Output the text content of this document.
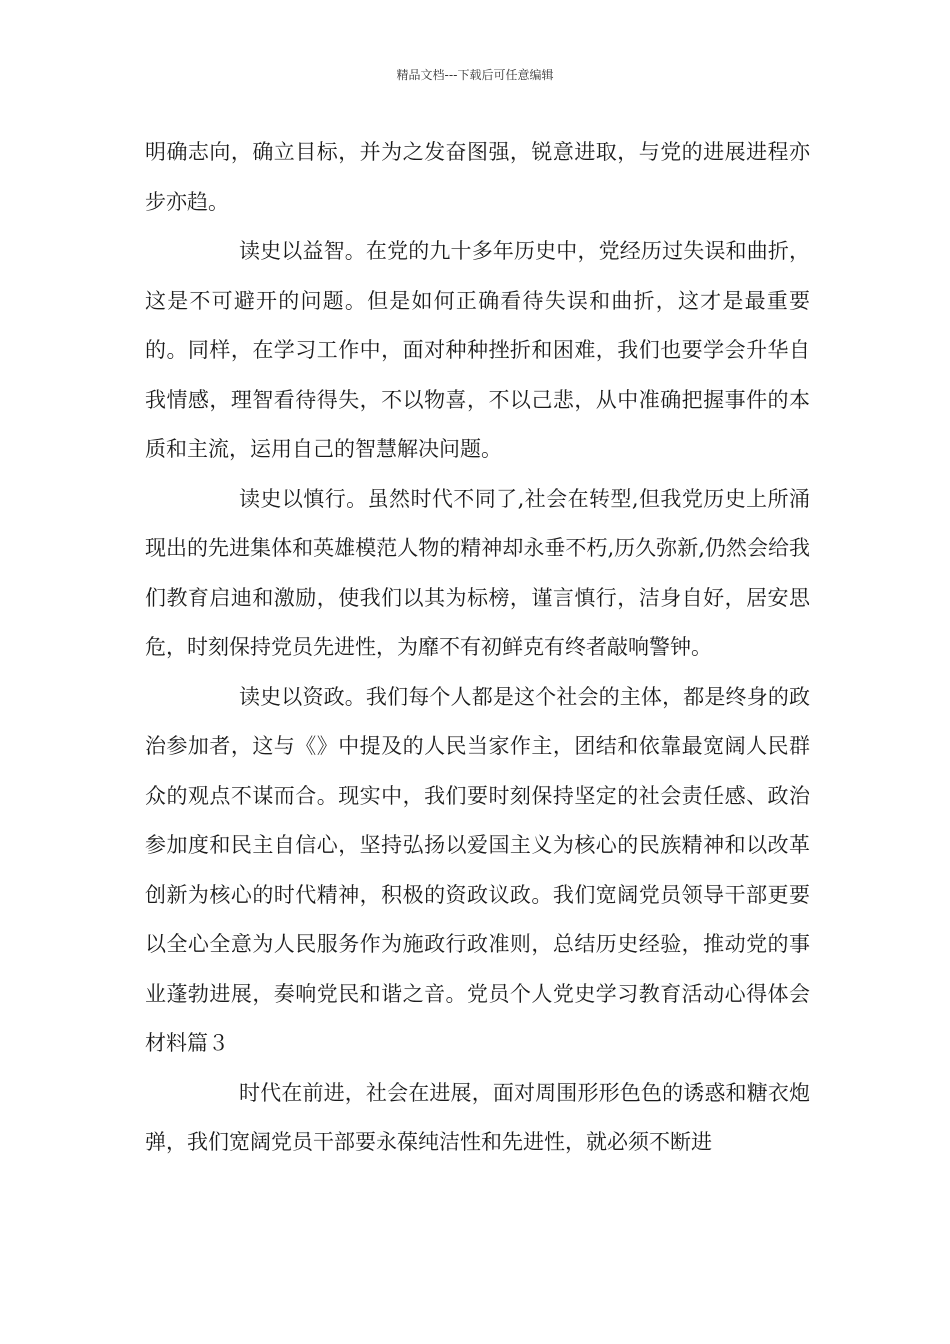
精品文档---下载后可任意编辑

明确志向，确立目标，并为之发奋图强，锐意进取，与党的进展进程亦步亦趋。

读史以益智。在党的九十多年历史中，党经历过失误和曲折，这是不可避开的问题。但是如何正确看待失误和曲折，这才是最重要的。同样，在学习工作中，面对种种挫折和困难，我们也要学会升华自我情感，理智看待得失，不以物喜，不以己悲，从中准确把握事件的本质和主流，运用自己的智慧解决问题。

读史以慎行。虽然时代不同了,社会在转型,但我党历史上所涌现出的先进集体和英雄模范人物的精神却永垂不朽,历久弥新,仍然会给我们教育启迪和激励，使我们以其为标榜，谨言慎行，洁身自好，居安思危，时刻保持党员先进性，为靡不有初鲜克有终者敲响警钟。

读史以资政。我们每个人都是这个社会的主体，都是终身的政治参加者，这与《》中提及的人民当家作主，团结和依靠最宽阔人民群众的观点不谋而合。现实中，我们要时刻保持坚定的社会责任感、政治参加度和民主自信心，坚持弘扬以爱国主义为核心的民族精神和以改革创新为核心的时代精神，积极的资政议政。我们宽阔党员领导干部更要以全心全意为人民服务作为施政行政准则，总结历史经验，推动党的事业蓬勃进展，奏响党民和谐之音。党员个人党史学习教育活动心得体会材料篇３

时代在前进，社会在进展，面对周围形形色色的诱惑和糖衣炮弹，我们宽阔党员干部要永葆纯洁性和先进性，就必须不断进
